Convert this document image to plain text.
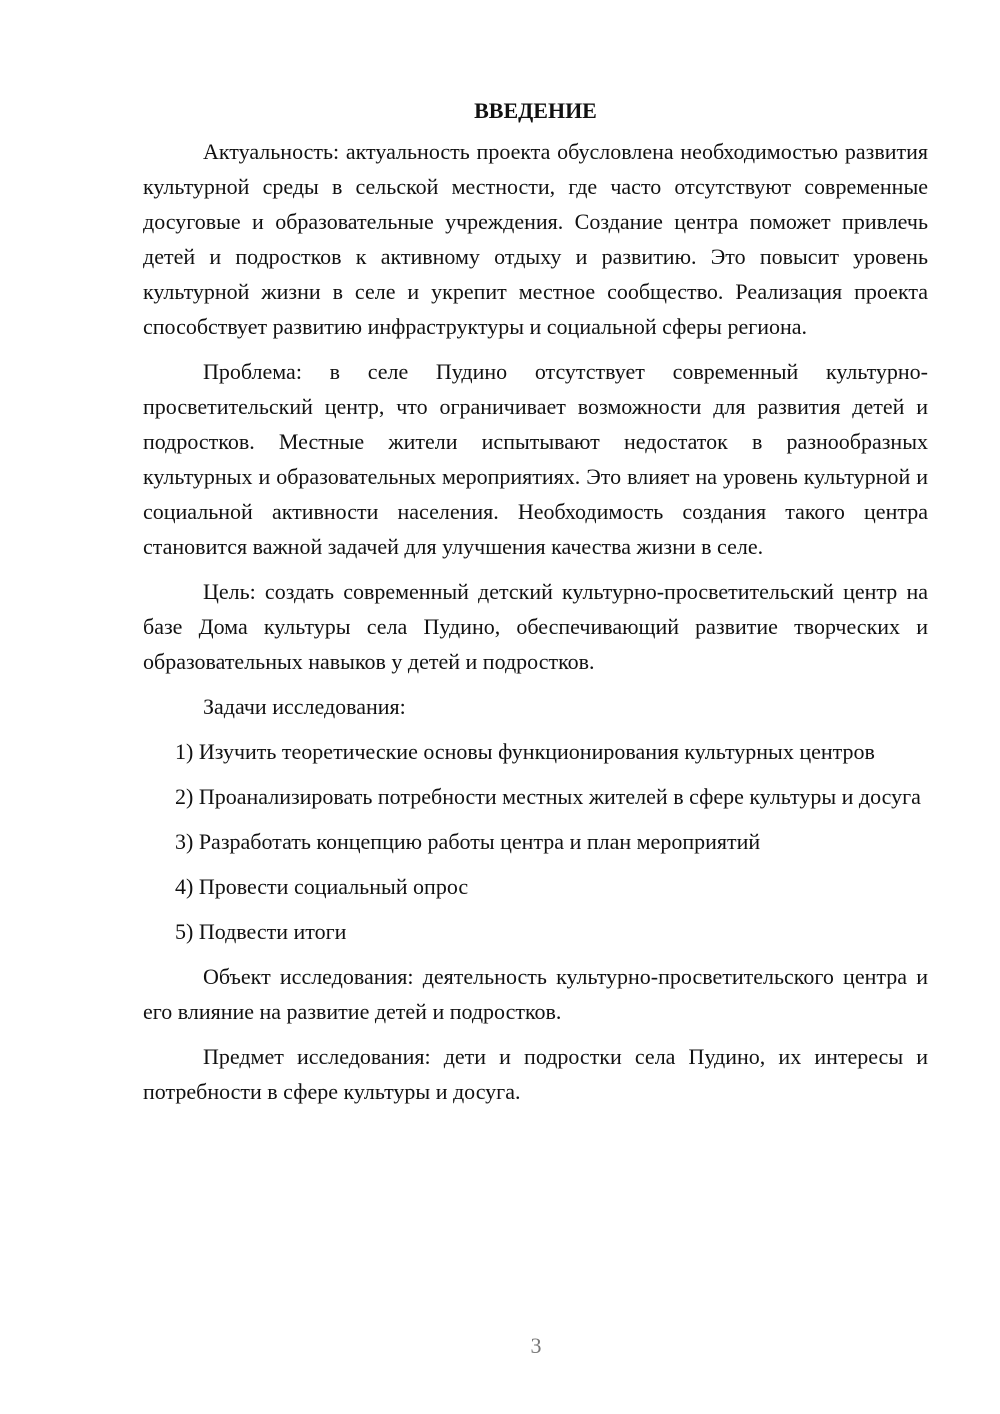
ВВЕДЕНИЕ

Актуальность: актуальность проекта обусловлена необходимостью развития культурной среды в сельской местности, где часто отсутствуют современные досуговые и образовательные учреждения. Создание центра поможет привлечь детей и подростков к активному отдыху и развитию. Это повысит уровень культурной жизни в селе и укрепит местное сообщество. Реализация проекта способствует развитию инфраструктуры и социальной сферы региона.

Проблема: в селе Пудино отсутствует современный культурно-просветительский центр, что ограничивает возможности для развития детей и подростков. Местные жители испытывают недостаток в разнообразных культурных и образовательных мероприятиях. Это влияет на уровень культурной и социальной активности населения. Необходимость создания такого центра становится важной задачей для улучшения качества жизни в селе.

Цель: создать современный детский культурно-просветительский центр на базе Дома культуры села Пудино, обеспечивающий развитие творческих и образовательных навыков у детей и подростков.

Задачи исследования:

1) Изучить теоретические основы функционирования культурных центров

2) Проанализировать потребности местных жителей в сфере культуры и досуга

3) Разработать концепцию работы центра и план мероприятий

4) Провести социальный опрос

5) Подвести итоги

Объект исследования: деятельность культурно-просветительского центра и его влияние на развитие детей и подростков.

Предмет исследования: дети и подростки села Пудино, их интересы и потребности в сфере культуры и досуга.

3
